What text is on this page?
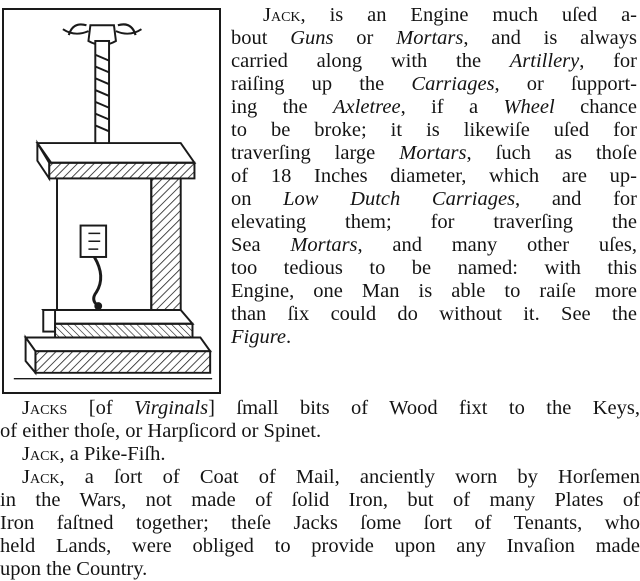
Jack, is an Engine much uſed a-
bout Guns or Mortars, and is always
carried along with the Artillery, for
raiſing up the Carriages, or ſupport-
ing the Axletree, if a Wheel chance
to be broke; it is likewiſe uſed for
traverſing large Mortars, ſuch as thoſe
of 18 Inches diameter, which are up-
on Low Dutch Carriages, and for
elevating them; for traverſing the
Sea Mortars, and many other uſes,
too tedious to be named: with this
Engine, one Man is able to raiſe more
than ſix could do without it. See the
Figure.
Jacks [of Virginals] ſmall bits of Wood fixt to the Keys,
of either thoſe, or Harpſicord or Spinet.
Jack, a Pike-Fiſh.
Jack, a ſort of Coat of Mail, anciently worn by Horſemen
in the Wars, not made of ſolid Iron, but of many Plates of
Iron faſtned together; theſe Jacks ſome ſort of Tenants, who
held Lands, were obliged to provide upon any Invaſion made
upon the Country.
